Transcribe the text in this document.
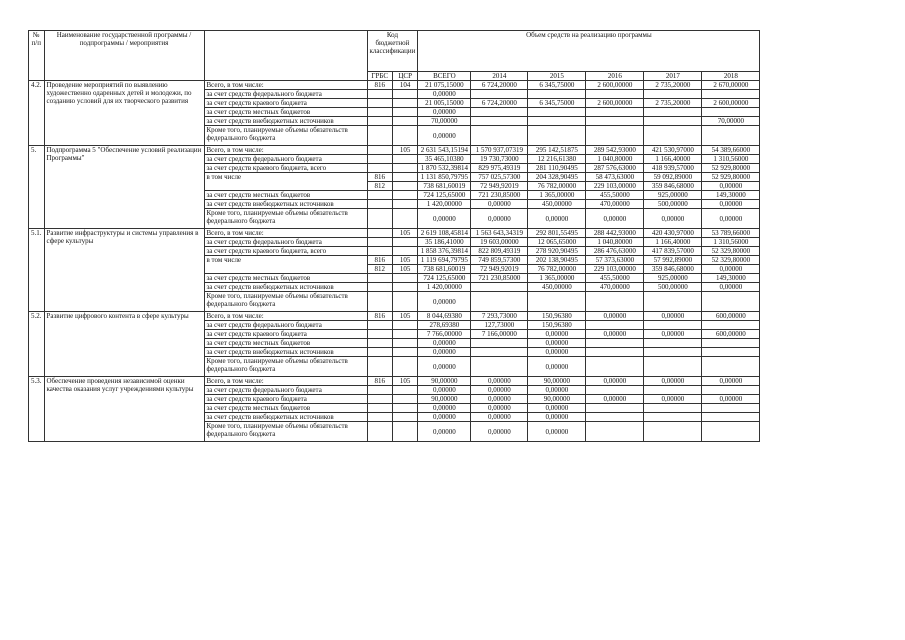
№ п/п	Наименование государственной программы / подпрограммы / мероприятия		Код бюджетной классификации		Объем средств на реализацию программы					
			ГРБС	ЦСР	ВСЕГО	2014	2015	2016	2017	2018
4.2.	Проведение мероприятий по выявлению художественно одаренных детей и молодежи, по созданию условий для их творческого развития	Всего, в том числе:	816	104	21 075,15000	6 724,20000	6 345,75000	2 600,00000	2 735,20000	2 670,00000
		за счет средств федерального бюджета			0,00000					
		за счет средств краевого бюджета			21 005,15000	6 724,20000	6 345,75000	2 600,00000	2 735,20000	2 600,00000
		за счет средств местных бюджетов			0,00000					
		за счет средств внебюджетных источников			70,00000					70,00000
		Кроме того, планируемые объемы обязательств федерального бюджета			0,00000					
5.	Подпрограмма 5 "Обеспечение условий реализации Программы"	Всего, в том числе:		105	2 631 543,15194	1 570 937,07319	295 142,51875	289 542,93000	421 530,97000	54 389,66000
		за счет средств федерального бюджета			35 465,10380	19 730,73000	12 216,61380	1 040,80000	1 166,40000	1 310,56000
		за счет средств краевого бюджета, всего			1 870 532,39814	829 975,49319	281 110,90495	287 576,63000	418 939,57000	52 929,80000
		в том числе	816		1 131 850,79795	757 025,57300	204 328,90495	58 473,63000	59 092,89000	52 929,80000
			812		738 681,60019	72 949,92019	76 782,00000	229 103,00000	359 846,68000	0,00000
		за счет средств местных бюджетов			724 125,65000	721 230,85000	1 365,00000	455,50000	925,00000	149,30000
		за счет средств внебюджетных источников			1 420,00000	0,00000	450,00000	470,00000	500,00000	0,00000
		Кроме того, планируемые объемы обязательств федерального бюджета			0,00000	0,00000	0,00000	0,00000	0,00000	0,00000
5.1.	Развитие инфраструктуры и системы управления в сфере культуры	Всего, в том числе:		105	2 619 108,45814	1 563 643,34319	292 801,55495	288 442,93000	420 430,97000	53 789,66000
		за счет средств федерального бюджета			35 186,41000	19 603,00000	12 065,65000	1 040,80000	1 166,40000	1 310,56000
		за счет средств краевого бюджета, всего			1 858 376,39814	822 809,49319	278 920,90495	286 476,63000	417 839,57000	52 329,80000
		в том числе	816	105	1 119 694,79795	749 859,57300	202 138,90495	57 373,63000	57 992,89000	52 329,80000
			812	105	738 681,60019	72 949,92019	76 782,00000	229 103,00000	359 846,68000	0,00000
		за счет средств местных бюджетов			724 125,65000	721 230,85000	1 365,00000	455,50000	925,00000	149,30000
		за счет средств внебюджетных источников			1 420,00000		450,00000	470,00000	500,00000	0,00000
		Кроме того, планируемые объемы обязательств федерального бюджета			0,00000					
5.2.	Развитие цифрового контента в сфере культуры	Всего, в том числе:	816	105	8 044,69380	7 293,73000	150,96380	0,00000	0,00000	600,00000
		за счет средств федерального бюджета			278,69380	127,73000	150,96380			
		за счет средств краевого бюджета			7 766,00000	7 166,00000	0,00000	0,00000	0,00000	600,00000
		за счет средств местных бюджетов			0,00000		0,00000			
		за счет средств внебюджетных источников			0,00000		0,00000			
		Кроме того, планируемые объемы обязательств федерального бюджета			0,00000		0,00000			
5.3.	Обеспечение проведения независимой оценки качества оказания услуг учреждениями культуры	Всего, в том числе:	816	105	90,00000	0,00000	90,00000	0,00000	0,00000	0,00000
		за счет средств федерального бюджета			0,00000	0,00000	0,00000			
		за счет средств краевого бюджета			90,00000	0,00000	90,00000	0,00000	0,00000	0,00000
		за счет средств местных бюджетов			0,00000	0,00000	0,00000			
		за счет средств внебюджетных источников			0,00000	0,00000	0,00000			
		Кроме того, планируемые объемы обязательств федерального бюджета			0,00000	0,00000	0,00000			
